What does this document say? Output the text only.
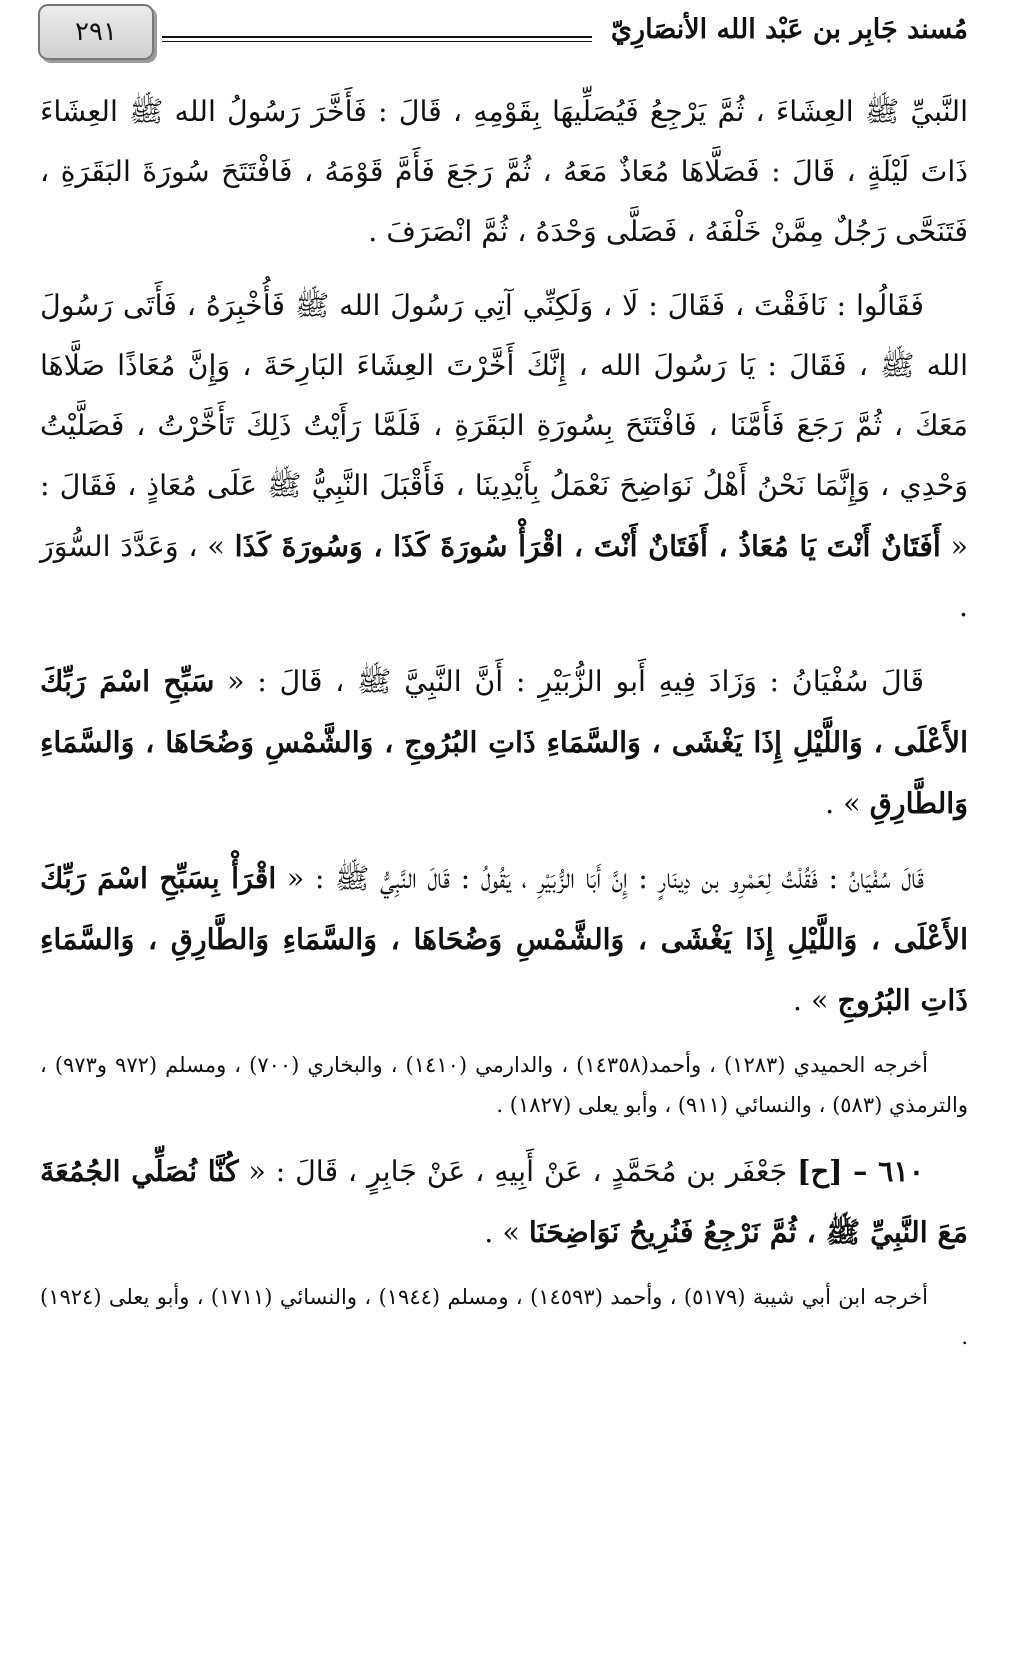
٢٩١	مُسند جَابِر بن عَبْد الله الأنصَارِيّ

النَّبيِّ ﷺ العِشَاءَ ، ثُمَّ يَرْجِعُ فَيُصَلِّيهَا بِقَوْمِهِ ، قَالَ : فَأَخَّرَ رَسُولُ الله ﷺ العِشَاءَ ذَاتَ لَيْلَةٍ ، قَالَ : فَصَلَّاهَا مُعَاذٌ مَعَهُ ، ثُمَّ رَجَعَ فَأَمَّ قَوْمَهُ ، فَافْتَتَحَ سُورَةَ البَقَرَةِ ، فَتَنَحَّى رَجُلٌ مِمَّنْ خَلْفَهُ ، فَصَلَّى وَحْدَهُ ، ثُمَّ انْصَرَفَ .

فَقَالُوا : نَافَقْتَ ، فَقَالَ : لَا ، وَلَكِنِّي آتِي رَسُولَ الله ﷺ فَأُخْبِرَهُ ، فَأَتَى رَسُولَ الله ﷺ ، فَقَالَ : يَا رَسُولَ الله ، إِنَّكَ أَخَّرْتَ العِشَاءَ البَارِحَةَ ، وَإِنَّ مُعَاذًا صَلَّاهَا مَعَكَ ، ثُمَّ رَجَعَ فَأَمَّنَا ، فَافْتَتَحَ بِسُورَةِ البَقَرَةِ ، فَلَمَّا رَأَيْتُ ذَلِكَ تَأَخَّرْتُ ، فَصَلَّيْتُ وَحْدِي ، وَإِنَّمَا نَحْنُ أَهْلُ نَوَاضِحَ نَعْمَلُ بِأَيْدِينَا ، فَأَقْبَلَ النَّبِيُّ ﷺ عَلَى مُعَاذٍ ، فَقَالَ : « أَفَتَانٌ أَنْتَ يَا مُعَاذُ ، أَفَتَانٌ أَنْتَ ، اقْرَأْ سُورَةَ كَذَا ، وَسُورَةَ كَذَا » ، وَعَدَّدَ السُّوَرَ .

قَالَ سُفْيَانُ : وَزَادَ فِيهِ أَبو الزُّبَيْرِ : أَنَّ النَّبِيَّ ﷺ ، قَالَ : « سَبِّحِ اسْمَ رَبِّكَ الأَعْلَى ، وَاللَّيْلِ إِذَا يَغْشَى ، وَالسَّمَاءِ ذَاتِ البُرُوجِ ، وَالشَّمْسِ وَضُحَاهَا ، وَالسَّمَاءِ وَالطَّارِقِ » .

قَالَ سُفْيَانُ : فَقُلْتُ لِعَمْرِو بن دِينَارٍ : إِنَّ أَبَا الزُّبَيْرِ ، يَقُولُ : قَالَ النَّبِيُّ ﷺ : « اقْرَأْ بِسَبِّحِ اسْمَ رَبِّكَ الأَعْلَى ، وَاللَّيْلِ إِذَا يَغْشَى ، وَالشَّمْسِ وَضُحَاهَا ، وَالسَّمَاءِ وَالطَّارِقِ ، وَالسَّمَاءِ ذَاتِ البُرُوجِ » .

أخرجه الحميدي (١٢٨٣) ، وأحمد(١٤٣٥٨) ، والدارمي (١٤١٠) ، والبخاري (٧٠٠) ، ومسلم (٩٧٢ و٩٧٣) ، والترمذي (٥٨٣) ، والنسائي (٩١١) ، وأبو يعلى (١٨٢٧) .

٦١٠ – [ح] جَعْفَر بن مُحَمَّدٍ ، عَنْ أَبِيهِ ، عَنْ جَابِرٍ ، قَالَ : « كُنَّا نُصَلِّي الجُمُعَةَ مَعَ النَّبِيِّ ﷺ ، ثُمَّ نَرْجِعُ فَنُرِيحُ نَوَاضِحَنَا » .

أخرجه ابن أبي شيبة (٥١٧٩) ، وأحمد (١٤٥٩٣) ، ومسلم (١٩٤٤) ، والنسائي (١٧١١) ، وأبو يعلى (١٩٢٤) .
